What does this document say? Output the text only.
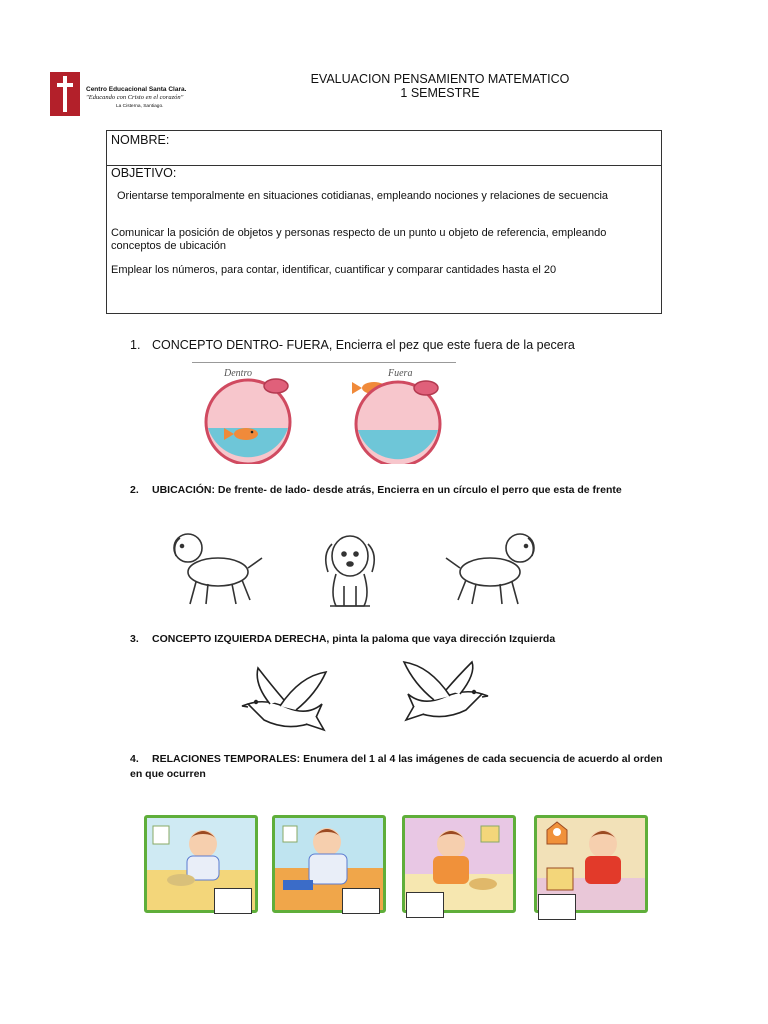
Centro Educacional Santa Clara.
"Educando con Cristo en el corazón"
La Cisterna, Santiago.
EVALUACION PENSAMIENTO MATEMATICO
1 SEMESTRE
NOMBRE:
OBJETIVO:
Orientarse temporalmente en situaciones cotidianas, empleando nociones y relaciones de secuencia
Comunicar la posición de objetos y personas respecto de un punto u objeto de referencia, empleando conceptos de ubicación
Emplear los números, para contar, identificar, cuantificar y comparar cantidades hasta el 20
1. CONCEPTO DENTRO- FUERA, Encierra el pez que este fuera de la pecera
Dentro	Fuera
2. UBICACIÓN: De frente- de lado- desde atrás, Encierra en un círculo el perro que esta de frente
3. CONCEPTO IZQUIERDA DERECHA, pinta la paloma que vaya dirección Izquierda
4. RELACIONES TEMPORALES: Enumera del 1 al 4 las imágenes de cada secuencia de acuerdo al orden en que ocurren
